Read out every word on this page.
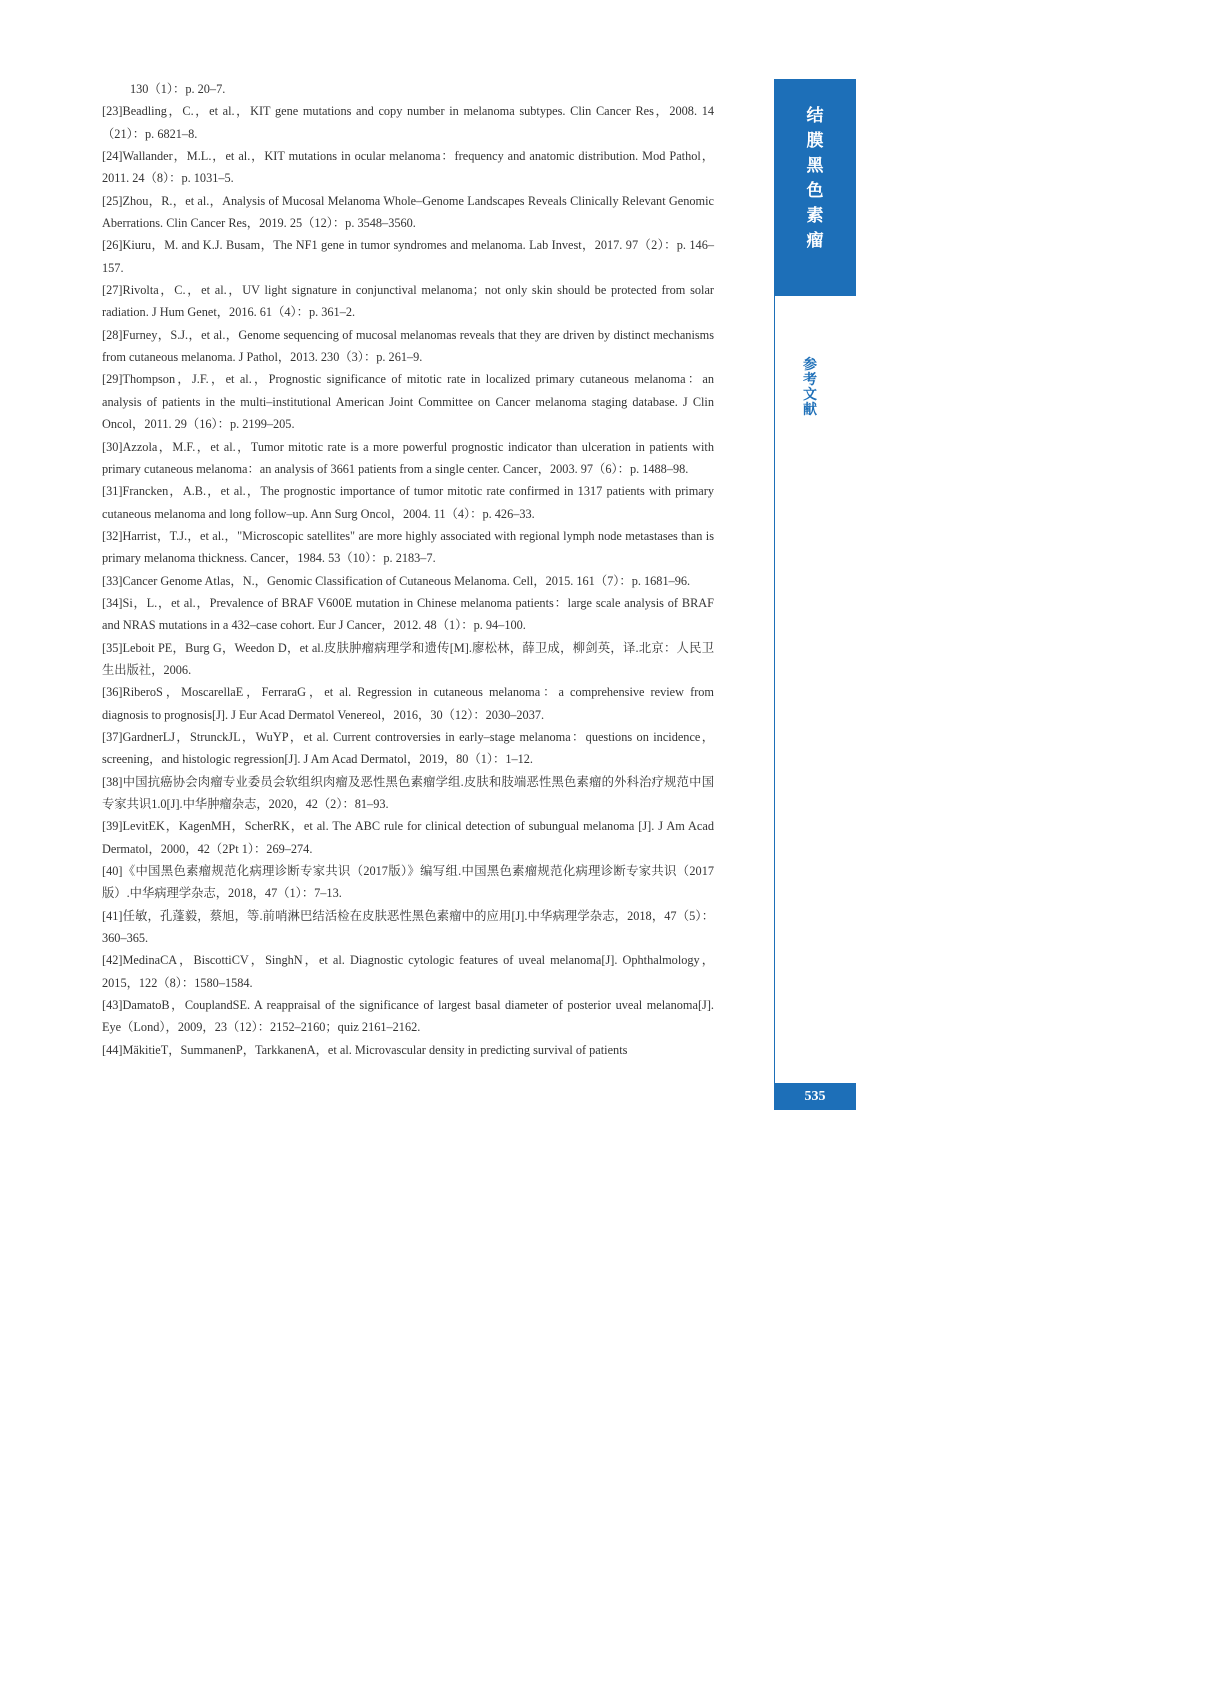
130（1）：p. 20–7.
[23]Beadling，C.，et al.，KIT gene mutations and copy number in melanoma subtypes. Clin Cancer Res，2008. 14（21）：p. 6821–8.
[24]Wallander，M.L.，et al.，KIT mutations in ocular melanoma：frequency and anatomic distribution. Mod Pathol，2011. 24（8）：p. 1031–5.
[25]Zhou，R.，et al.，Analysis of Mucosal Melanoma Whole–Genome Landscapes Reveals Clinically Relevant Genomic Aberrations. Clin Cancer Res，2019. 25（12）：p. 3548–3560.
[26]Kiuru，M. and K.J. Busam，The NF1 gene in tumor syndromes and melanoma. Lab Invest，2017. 97（2）：p. 146–157.
[27]Rivolta，C.，et al.，UV light signature in conjunctival melanoma；not only skin should be protected from solar radiation. J Hum Genet，2016. 61（4）：p. 361–2.
[28]Furney，S.J.，et al.，Genome sequencing of mucosal melanomas reveals that they are driven by distinct mechanisms from cutaneous melanoma. J Pathol，2013. 230（3）：p. 261–9.
[29]Thompson，J.F.，et al.，Prognostic significance of mitotic rate in localized primary cutaneous melanoma：an analysis of patients in the multi–institutional American Joint Committee on Cancer melanoma staging database. J Clin Oncol，2011. 29（16）：p. 2199–205.
[30]Azzola，M.F.，et al.，Tumor mitotic rate is a more powerful prognostic indicator than ulceration in patients with primary cutaneous melanoma：an analysis of 3661 patients from a single center. Cancer，2003. 97（6）：p. 1488–98.
[31]Francken，A.B.，et al.，The prognostic importance of tumor mitotic rate confirmed in 1317 patients with primary cutaneous melanoma and long follow–up. Ann Surg Oncol，2004. 11（4）：p. 426–33.
[32]Harrist，T.J.，et al.，"Microscopic satellites" are more highly associated with regional lymph node metastases than is primary melanoma thickness. Cancer，1984. 53（10）：p. 2183–7.
[33]Cancer Genome Atlas，N.，Genomic Classification of Cutaneous Melanoma. Cell，2015. 161（7）：p. 1681–96.
[34]Si，L.，et al.，Prevalence of BRAF V600E mutation in Chinese melanoma patients：large scale analysis of BRAF and NRAS mutations in a 432–case cohort. Eur J Cancer，2012. 48（1）：p. 94–100.
[35]Leboit PE，Burg G，Weedon D，et al.皮肤肿瘤病理学和遗传[M].廖松林，薛卫成，柳剑英，译.北京：人民卫生出版社，2006.
[36]RiberoS，MoscarellaE，FerraraG，et al. Regression in cutaneous melanoma：a comprehensive review from diagnosis to prognosis[J]. J Eur Acad Dermatol Venereol，2016，30（12）：2030–2037.
[37]GardnerLJ，StrunckJL，WuYP，et al. Current controversies in early–stage melanoma：questions on incidence，screening，and histologic regression[J]. J Am Acad Dermatol，2019，80（1）：1–12.
[38]中国抗癌协会肉瘤专业委员会软组织肉瘤及恶性黑色素瘤学组.皮肤和肢端恶性黑色素瘤的外科治疗规范中国专家共识1.0[J].中华肿瘤杂志，2020，42（2）：81–93.
[39]LevitEK，KagenMH，ScherRK，et al. The ABC rule for clinical detection of subungual melanoma [J]. J Am Acad Dermatol，2000，42（2Pt 1）：269–274.
[40]《中国黑色素瘤规范化病理诊断专家共识（2017版）》编写组.中国黑色素瘤规范化病理诊断专家共识（2017版）.中华病理学杂志，2018，47（1）：7–13.
[41]任敏，孔蓬毅，蔡旭，等.前哨淋巴结活检在皮肤恶性黑色素瘤中的应用[J].中华病理学杂志，2018，47（5）：360–365.
[42]MedinaCA，BiscottiCV，SinghN，et al. Diagnostic cytologic features of uveal melanoma[J]. Ophthalmology，2015，122（8）：1580–1584.
[43]DamatoB，CouplandSE. A reappraisal of the significance of largest basal diameter of posterior uveal melanoma[J]. Eye（Lond），2009，23（12）：2152–2160；quiz 2161–2162.
[44]MäkitieT，SummanenP，TarkkanenA，et al. Microvascular density in predicting survival of patients
结
膜
黑
色
素
瘤
参
考
文
献
535
